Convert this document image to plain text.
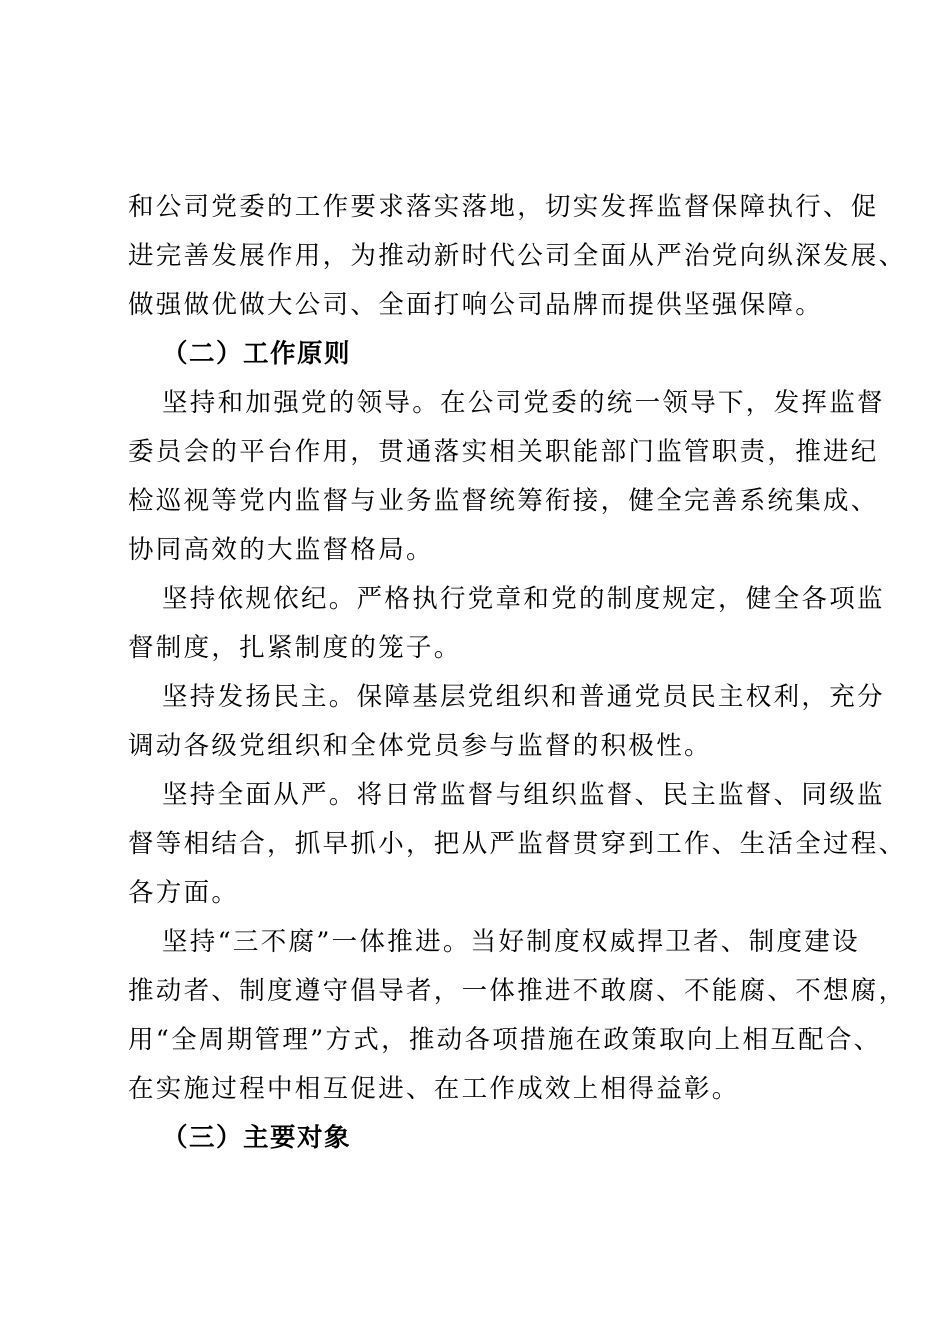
和公司党委的工作要求落实落地，切实发挥监督保障执行、促
进完善发展作用，为推动新时代公司全面从严治党向纵深发展、
做强做优做大公司、全面打响公司品牌而提供坚强保障。
（二）工作原则
坚持和加强党的领导。在公司党委的统一领导下，发挥监督
委员会的平台作用，贯通落实相关职能部门监管职责，推进纪
检巡视等党内监督与业务监督统筹衔接，健全完善系统集成、
协同高效的大监督格局。
坚持依规依纪。严格执行党章和党的制度规定，健全各项监
督制度，扎紧制度的笼子。
坚持发扬民主。保障基层党组织和普通党员民主权利，充分
调动各级党组织和全体党员参与监督的积极性。
坚持全面从严。将日常监督与组织监督、民主监督、同级监
督等相结合，抓早抓小，把从严监督贯穿到工作、生活全过程、
各方面。
坚持“三不腐”一体推进。当好制度权威捍卫者、制度建设
推动者、制度遵守倡导者，一体推进不敢腐、不能腐、不想腐，
用“全周期管理”方式，推动各项措施在政策取向上相互配合、
在实施过程中相互促进、在工作成效上相得益彰。
（三）主要对象
